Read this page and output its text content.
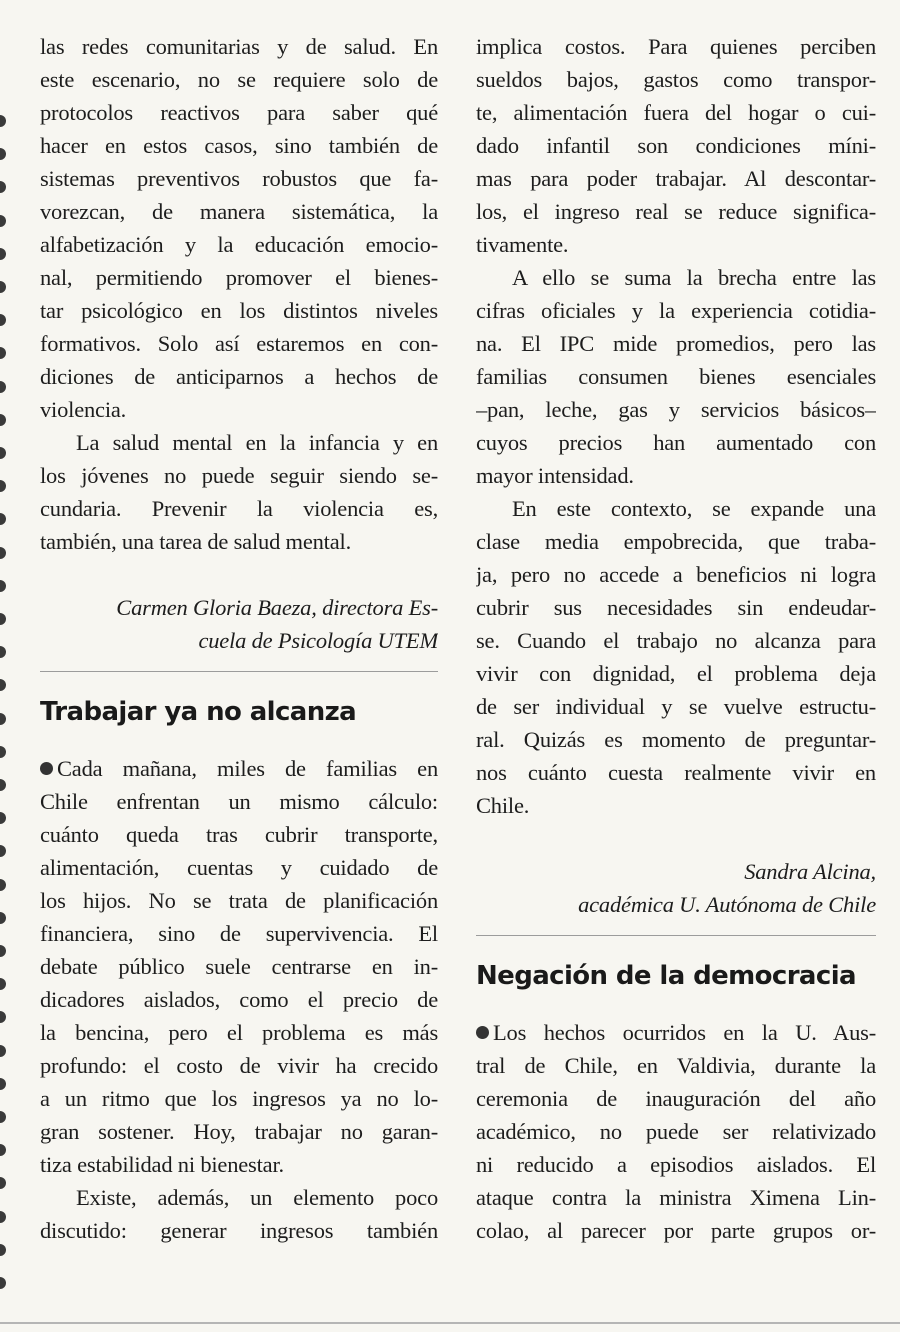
las redes comunitarias y de salud. En
este escenario, no se requiere solo de
protocolos reactivos para saber qué
hacer en estos casos, sino también de
sistemas preventivos robustos que fa-
vorezcan, de manera sistemática, la
alfabetización y la educación emocio-
nal, permitiendo promover el bienes-
tar psicológico en los distintos niveles
formativos. Solo así estaremos en con-
diciones de anticiparnos a hechos de
violencia.
La salud mental en la infancia y en
los jóvenes no puede seguir siendo se-
cundaria. Prevenir la violencia es,
también, una tarea de salud mental.
Carmen Gloria Baeza, directora Es-
cuela de Psicología UTEM
Trabajar ya no alcanza
Cada mañana, miles de familias en
Chile enfrentan un mismo cálculo:
cuánto queda tras cubrir transporte,
alimentación, cuentas y cuidado de
los hijos. No se trata de planificación
financiera, sino de supervivencia. El
debate público suele centrarse en in-
dicadores aislados, como el precio de
la bencina, pero el problema es más
profundo: el costo de vivir ha crecido
a un ritmo que los ingresos ya no lo-
gran sostener. Hoy, trabajar no garan-
tiza estabilidad ni bienestar.
Existe, además, un elemento poco
discutido: generar ingresos también
implica costos. Para quienes perciben
sueldos bajos, gastos como transpor-
te, alimentación fuera del hogar o cui-
dado infantil son condiciones míni-
mas para poder trabajar. Al descontar-
los, el ingreso real se reduce significa-
tivamente.
A ello se suma la brecha entre las
cifras oficiales y la experiencia cotidia-
na. El IPC mide promedios, pero las
familias consumen bienes esenciales
–pan, leche, gas y servicios básicos–
cuyos precios han aumentado con
mayor intensidad.
En este contexto, se expande una
clase media empobrecida, que traba-
ja, pero no accede a beneficios ni logra
cubrir sus necesidades sin endeudar-
se. Cuando el trabajo no alcanza para
vivir con dignidad, el problema deja
de ser individual y se vuelve estructu-
ral. Quizás es momento de preguntar-
nos cuánto cuesta realmente vivir en
Chile.
Sandra Alcina,
académica U. Autónoma de Chile
Negación de la democracia
Los hechos ocurridos en la U. Aus-
tral de Chile, en Valdivia, durante la
ceremonia de inauguración del año
académico, no puede ser relativizado
ni reducido a episodios aislados. El
ataque contra la ministra Ximena Lin-
colao, al parecer por parte grupos or-
